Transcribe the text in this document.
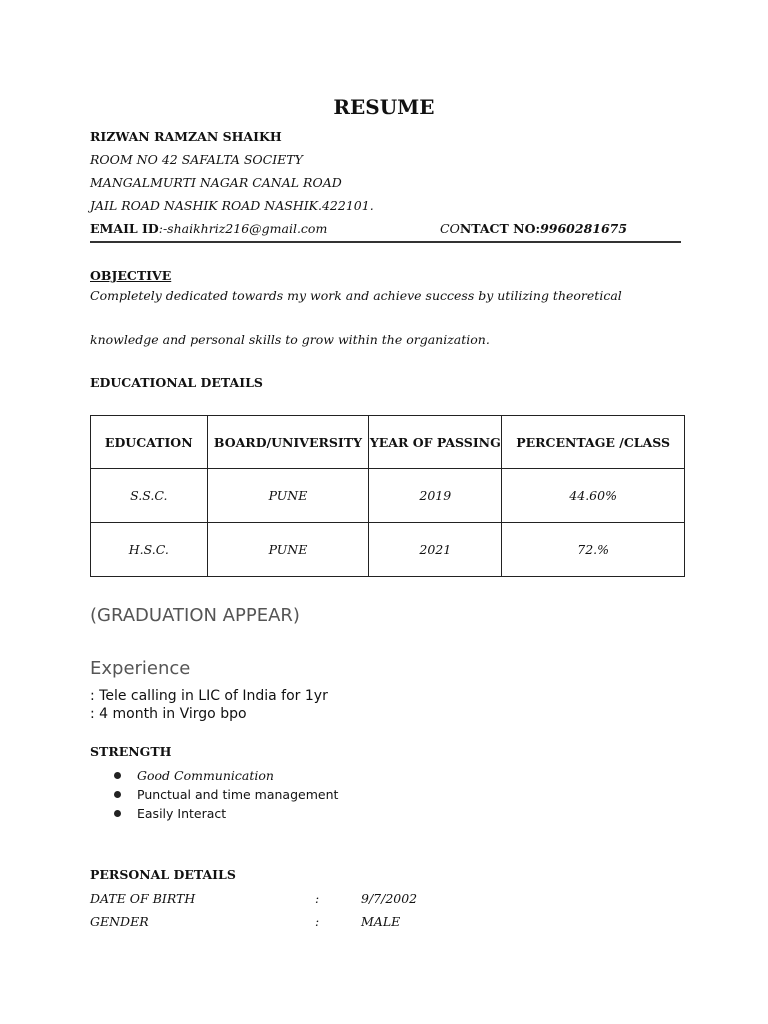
RESUME
RIZWAN RAMZAN SHAIKH
ROOM NO 42 SAFALTA SOCIETY
MANGALMURTI NAGAR CANAL ROAD
JAIL ROAD NASHIK ROAD NASHIK.422101.
EMAIL ID:-shaikhriz216@gmail.com	CONTACT NO:9960281675
OBJECTIVE
Completely dedicated towards my work and achieve success by utilizing theoretical
knowledge and personal skills to grow within the organization.
EDUCATIONAL DETAILS
EDUCATION	BOARD/UNIVERSITY	YEAR OF PASSING	PERCENTAGE /CLASS
S.S.C.	PUNE	2019	44.60%
H.S.C.	PUNE	2021	72.%
(GRADUATION APPEAR)
Experience
: Tele calling in LIC of India for 1yr
: 4 month in Virgo bpo
STRENGTH
Good Communication
Punctual and time management
Easily Interact
PERSONAL DETAILS
DATE OF BIRTH	:	9/7/2002
GENDER	:	MALE
